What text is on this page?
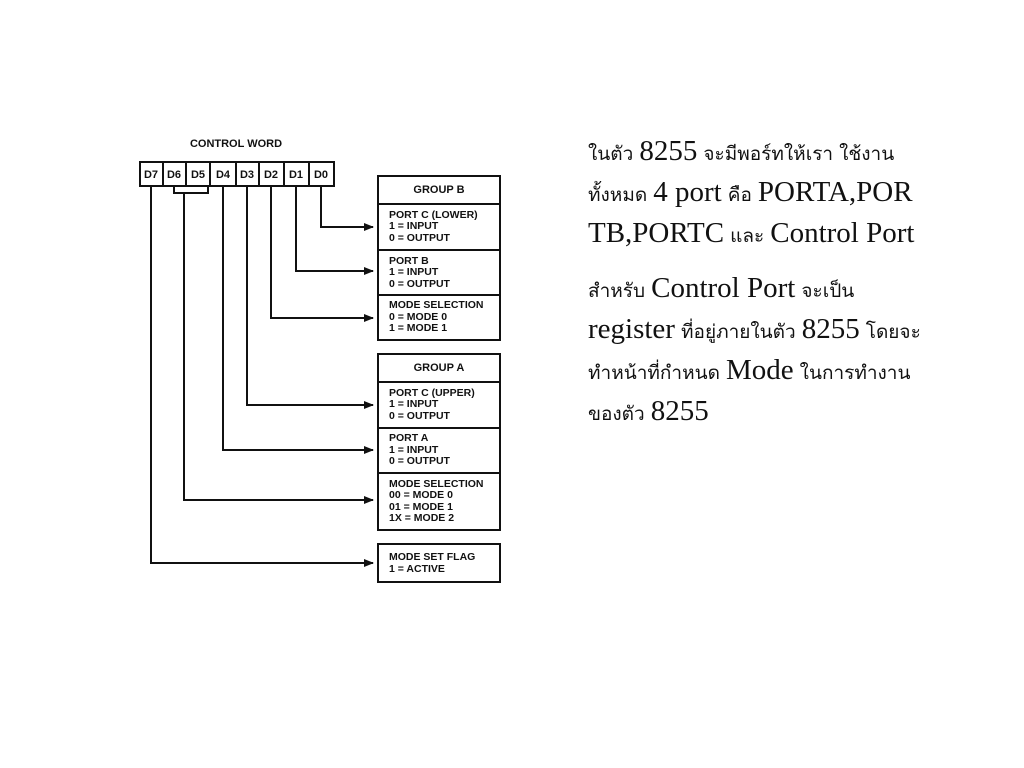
CONTROL WORD
D7 D6 D5 D4 D3 D2 D1 D0
GROUP B
PORT C (LOWER)
1 = INPUT
0 = OUTPUT
PORT B
1 = INPUT
0 = OUTPUT
MODE SELECTION
0 = MODE 0
1 = MODE 1
GROUP A
PORT C (UPPER)
1 = INPUT
0 = OUTPUT
PORT A
1 = INPUT
0 = OUTPUT
MODE SELECTION
00 = MODE 0
01 = MODE 1
1X = MODE 2
MODE SET FLAG
1 = ACTIVE

ในตัว 8255 จะมีพอร์ทให้เรา ใช้งานทั้งหมด 4 port คือ PORTA,PORTB,PORTC และ Control Port

สำหรับ Control Port จะเป็น register ที่อยู่ภายในตัว 8255 โดยจะทำหน้าที่กำหนด Mode ในการทำงานของตัว 8255
